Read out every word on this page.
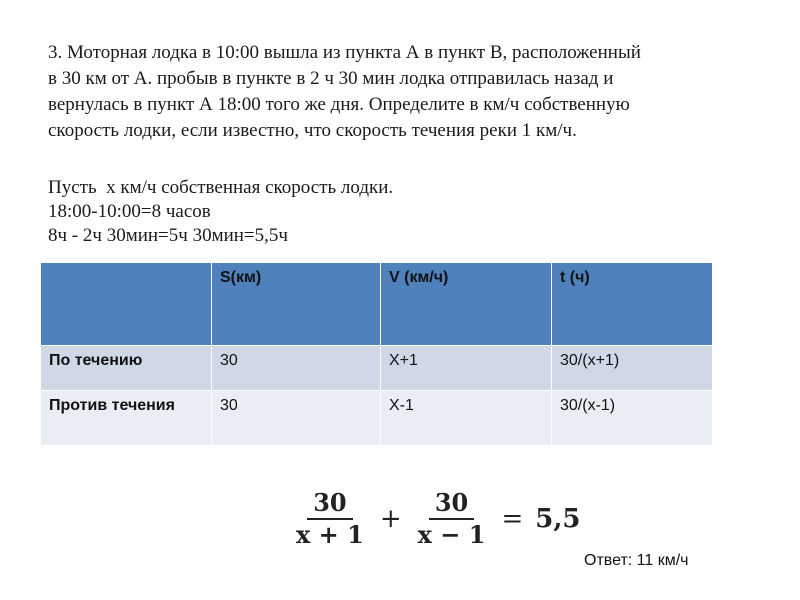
3. Моторная лодка в 10:00 вышла из пункта А в пункт В, расположенный

в 30 км от А. пробыв в пункте в 2 ч 30 мин лодка отправилась назад и

вернулась в пункт А 18:00 того же дня. Определите в км/ч собственную

скорость лодки, если известно, что скорость течения реки 1 км/ч.

Пусть  х км/ч собственная скорость лодки.
18:00-10:00=8 часов
8ч - 2ч 30мин=5ч 30мин=5,5ч
	S(км)	V (км/ч)	t (ч)
По течению	30	Х+1	30/(х+1)
Против течения	30	Х-1	30/(х-1)
$\frac{30}{x + 1} + \frac{30}{x - 1} = 5,5$
Ответ: 11 км/ч
